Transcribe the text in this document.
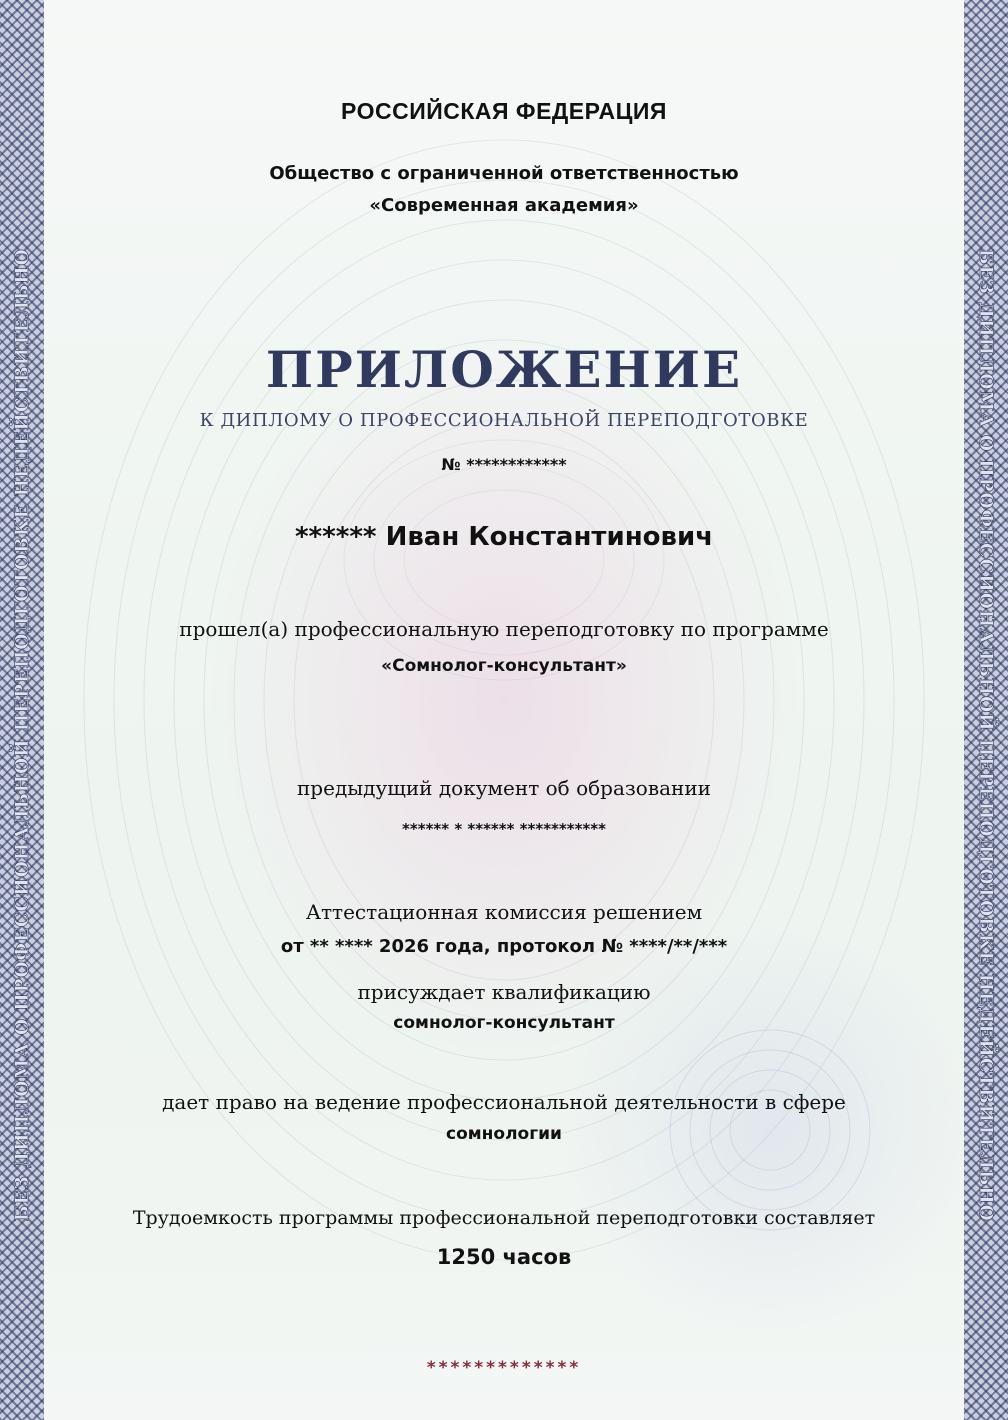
БЕЗ ДИПЛОМА О ПРОФЕССИОНАЛЬНОЙ ПЕРЕПОДГОТОВКЕ НЕДЕЙСТВИТЕЛЬНО	БЕЗ ДИПЛОМА О ПРОФЕССИОНАЛЬНОЙ ПЕРЕПОДГОТОВКЕ НЕДЕЙСТВИТЕЛЬНО
РОССИЙСКАЯ ФЕДЕРАЦИЯ
Общество с ограниченной ответственностью
«Современная академия»
ПРИЛОЖЕНИЕ
К ДИПЛОМУ О ПРОФЕССИОНАЛЬНОЙ ПЕРЕПОДГОТОВКЕ
№ ************
****** Иван Константинович
прошел(а) профессиональную переподготовку по программе
«Сомнолог-консультант»
предыдущий документ об образовании
****** * ****** ***********
Аттестационная комиссия решением
от ** **** 2026 года, протокол № ****/**/***
присуждает квалификацию
сомнолог-консультант
дает право на ведение профессиональной деятельности в сфере
сомнологии
Трудоемкость программы профессиональной переподготовки составляет
1250 часов
*************
